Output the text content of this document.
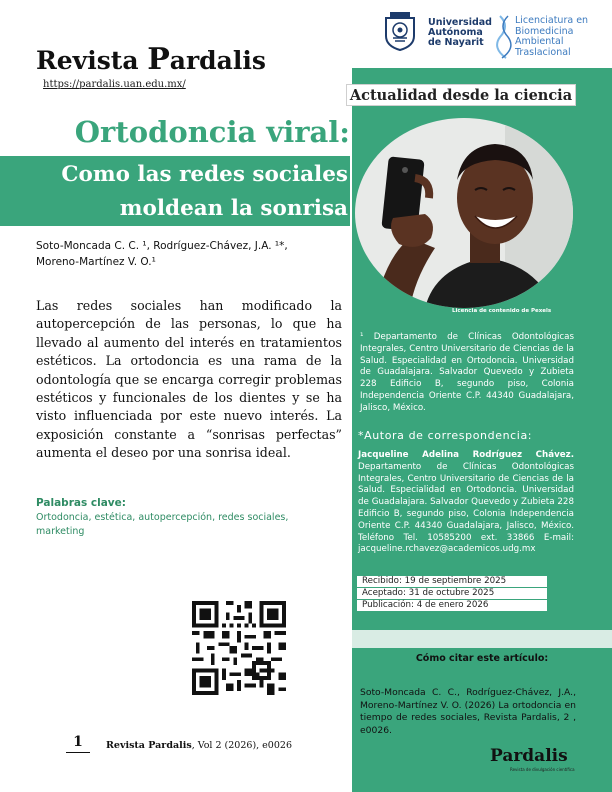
Revista Pardalis
https://pardalis.uan.edu.mx/
Universidad
Autónoma
de Nayarit
Licenciatura en
Biomedicina
Ambiental
Traslacional
Actualidad desde la ciencia
Ortodoncia viral:
Como las redes sociales
moldean la sonrisa
Licencia de contenido de Pexels
Soto-Moncada C. C. ¹, Rodríguez-Chávez, J.A. ¹*,
Moreno-Martínez V. O.¹
Las redes sociales han modificado la autopercepción de las personas, lo que ha llevado al aumento del interés en tratamientos estéticos. La ortodoncia es una rama de la odontología que se encarga corregir problemas estéticos y funcionales de los dientes y se ha visto influenciada por este nuevo interés. La exposición constante a “sonrisas perfectas” aumenta el deseo por una sonrisa ideal.
Palabras clave:
Ortodoncia, estética, autopercepción, redes sociales, marketing
1	Revista Pardalis, Vol 2 (2026), e0026
¹ Departamento de Clínicas Odontológicas Integrales, Centro Universitario de Ciencias de la Salud. Especialidad en Ortodoncia. Universidad de Guadalajara. Salvador Quevedo y Zubieta 228 Edificio B, segundo piso, Colonia Independencia Oriente C.P. 44340 Guadalajara, Jalisco, México.
*Autora de correspondencia:
Jacqueline Adelina Rodríguez Chávez. Departamento de Clínicas Odontológicas Integrales, Centro Universitario de Ciencias de la Salud. Especialidad en Ortodoncia. Universidad de Guadalajara. Salvador Quevedo y Zubieta 228 Edificio B, segundo piso, Colonia Independencia Oriente C.P. 44340 Guadalajara, Jalisco, México. Teléfono Tel. 10585200 ext. 33866 E-mail: jacqueline.rchavez@academicos.udg.mx
Recibido: 19 de septiembre 2025
Aceptado: 31 de octubre 2025
Publicación: 4 de enero 2026
Cómo citar este artículo:
Soto-Moncada C. C., Rodríguez-Chávez, J.A., Moreno-Martínez V. O. (2026) La ortodoncia en tiempo de redes sociales, Revista Pardalis, 2 , e0026.
Pardalis
Revista de divulgación científica
